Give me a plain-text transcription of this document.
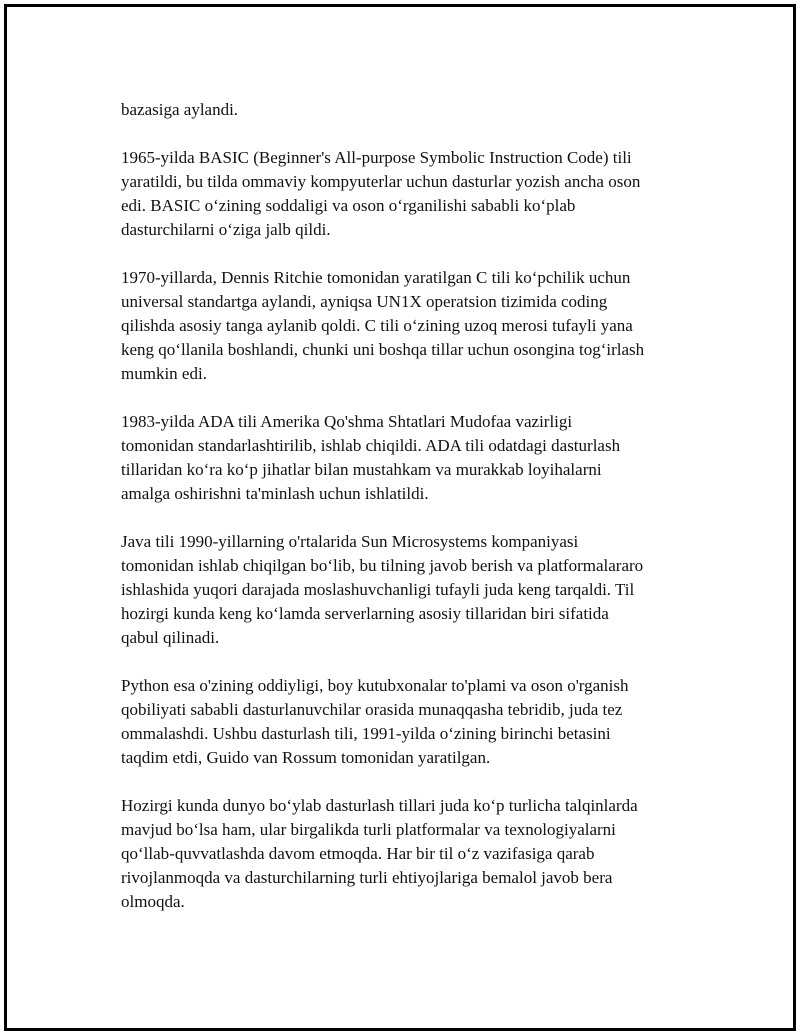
bazasiga aylandi.

1965-yilda BASIC (Beginner's All-purpose Symbolic Instruction Code) tili
yaratildi, bu tilda ommaviy kompyuterlar uchun dasturlar yozish ancha oson
edi. BASIC o‘zining soddaligi va oson o‘rganilishi sababli ko‘plab
dasturchilarni o‘ziga jalb qildi.

1970-yillarda, Dennis Ritchie tomonidan yaratilgan C tili ko‘pchilik uchun
universal standartga aylandi, ayniqsa UN1X operatsion tizimida coding
qilishda asosiy tanga aylanib qoldi. C tili o‘zining uzoq merosi tufayli yana
keng qo‘llanila boshlandi, chunki uni boshqa tillar uchun osongina tog‘irlash
mumkin edi.

1983-yilda ADA tili Amerika Qo'shma Shtatlari Mudofaa vazirligi
tomonidan standarlashtirilib, ishlab chiqildi. ADA tili odatdagi dasturlash
tillaridan ko‘ra ko‘p jihatlar bilan mustahkam va murakkab loyihalarni
amalga oshirishni ta'minlash uchun ishlatildi.

Java tili 1990-yillarning o'rtalarida Sun Microsystems kompaniyasi
tomonidan ishlab chiqilgan bo‘lib, bu tilning javob berish va platformalararo
ishlashida yuqori darajada moslashuvchanligi tufayli juda keng tarqaldi. Til
hozirgi kunda keng ko‘lamda serverlarning asosiy tillaridan biri sifatida
qabul qilinadi.

Python esa o'zining oddiyligi, boy kutubxonalar to'plami va oson o'rganish
qobiliyati sababli dasturlanuvchilar orasida munaqqasha tebridib, juda tez
ommalashdi. Ushbu dasturlash tili, 1991-yilda o‘zining birinchi betasini
taqdim etdi, Guido van Rossum tomonidan yaratilgan.

Hozirgi kunda dunyo bo‘ylab dasturlash tillari juda ko‘p turlicha talqinlarda
mavjud bo‘lsa ham, ular birgalikda turli platformalar va texnologiyalarni
qo‘llab-quvvatlashda davom etmoqda. Har bir til o‘z vazifasiga qarab
rivojlanmoqda va dasturchilarning turli ehtiyojlariga bemalol javob bera
olmoqda.
